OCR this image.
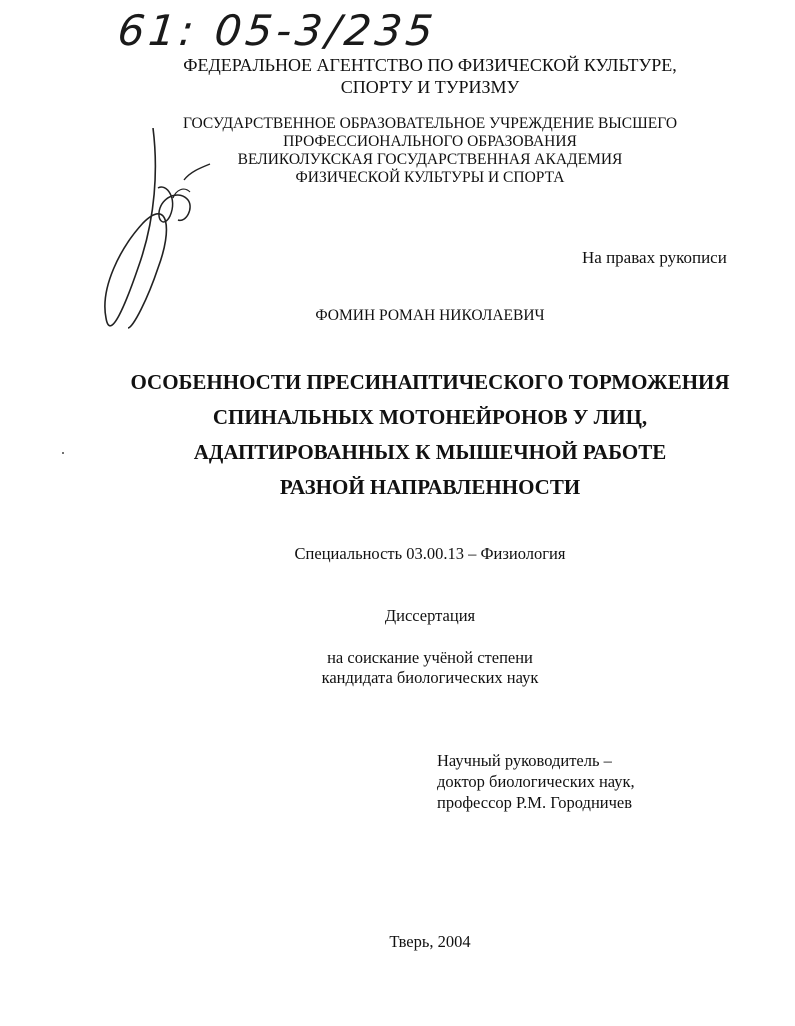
61: 05-3/235
ФЕДЕРАЛЬНОЕ АГЕНТСТВО ПО ФИЗИЧЕСКОЙ КУЛЬТУРЕ,
СПОРТУ И ТУРИЗМУ
ГОСУДАРСТВЕННОЕ ОБРАЗОВАТЕЛЬНОЕ УЧРЕЖДЕНИЕ ВЫСШЕГО
ПРОФЕССИОНАЛЬНОГО ОБРАЗОВАНИЯ
ВЕЛИКОЛУКСКАЯ ГОСУДАРСТВЕННАЯ АКАДЕМИЯ
ФИЗИЧЕСКОЙ КУЛЬТУРЫ И СПОРТА
На правах рукописи
ФОМИН РОМАН НИКОЛАЕВИЧ
ОСОБЕННОСТИ ПРЕСИНАПТИЧЕСКОГО ТОРМОЖЕНИЯ
СПИНАЛЬНЫХ МОТОНЕЙРОНОВ У ЛИЦ,
АДАПТИРОВАННЫХ К МЫШЕЧНОЙ РАБОТЕ
РАЗНОЙ НАПРАВЛЕННОСТИ
Специальность 03.00.13 – Физиология
Диссертация
на соискание учёной степени
кандидата биологических наук
Научный руководитель –
доктор биологических наук,
профессор Р.М. Городничев
Тверь, 2004
